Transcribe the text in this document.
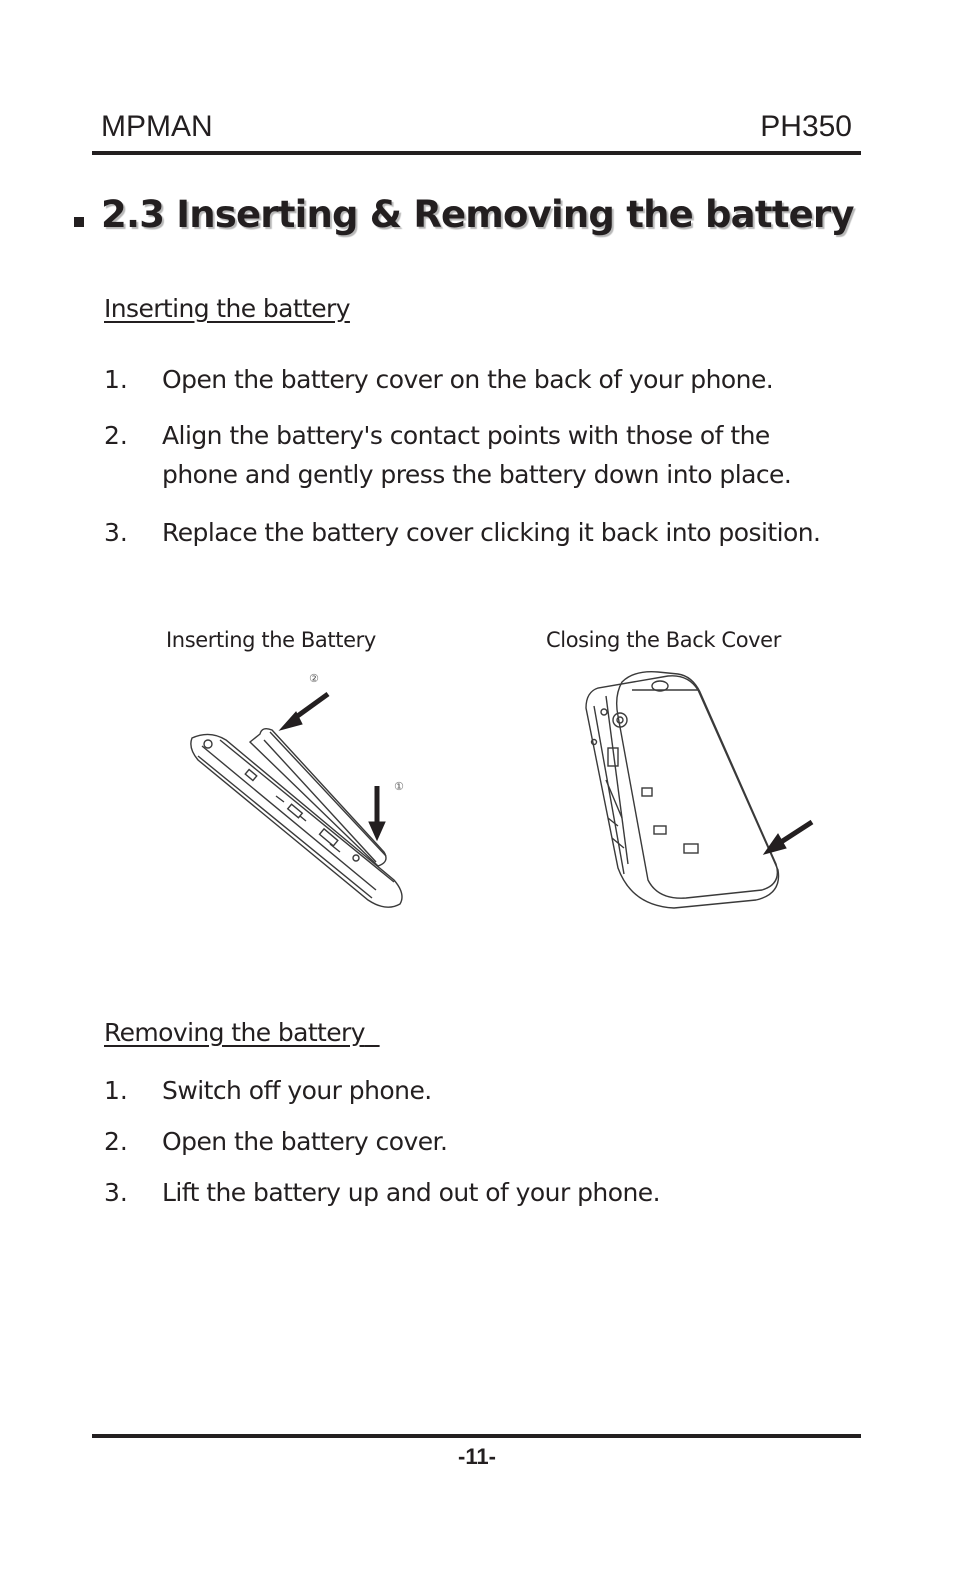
MPMAN	PH350
2.3 Inserting & Removing the battery
Inserting the battery
1. Open the battery cover on the back of your phone.
2. Align the battery's contact points with those of the
phone and gently press the battery down into place.
3. Replace the battery cover clicking it back into position.
Inserting the Battery	Closing the Back Cover
②
①
Removing the battery
1. Switch off your phone.
2. Open the battery cover.
3. Lift the battery up and out of your phone.
-11-
